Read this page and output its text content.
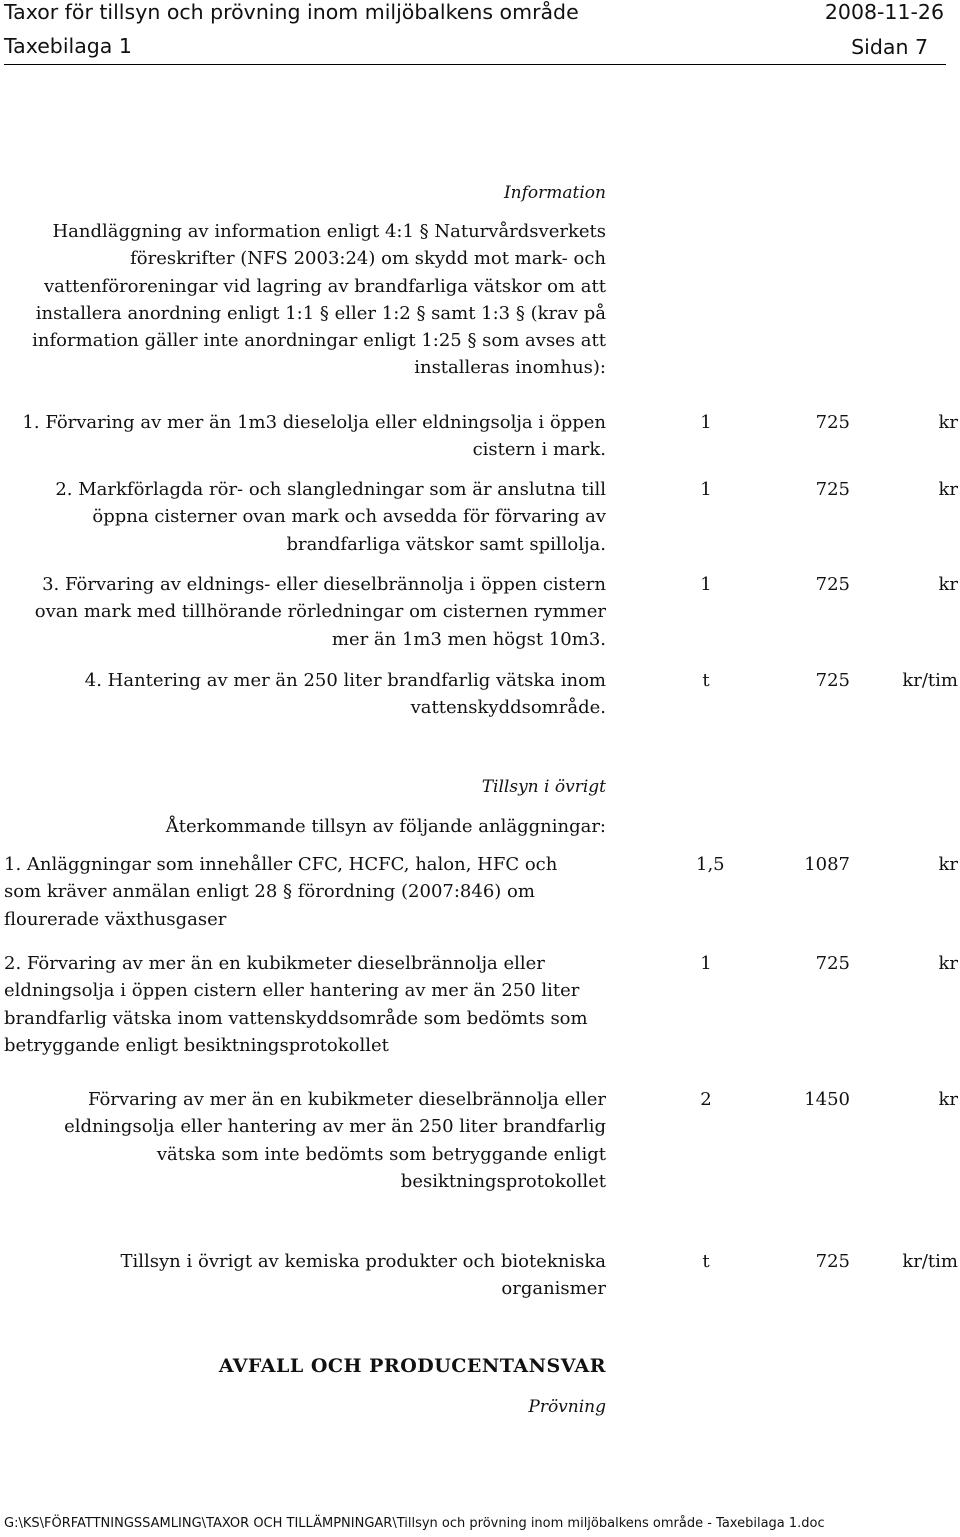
Taxor för tillsyn och prövning inom miljöbalkens område	2008-11-26
Taxebilaga 1	Sidan 7
Information
Handläggning av information enligt 4:1 § Naturvårdsverkets föreskrifter (NFS 2003:24) om skydd mot mark- och vattenföroreningar vid lagring av brandfarliga vätskor om att installera anordning enligt 1:1 § eller 1:2 § samt 1:3 § (krav på information gäller inte anordningar enligt 1:25 § som avses att installeras inomhus):
1. Förvaring av mer än 1m3 dieselolja eller eldningsolja i öppen cistern i mark.
1	725	kr
2. Markförlagda rör- och slangledningar som är anslutna till öppna cisterner ovan mark och avsedda för förvaring av brandfarliga vätskor samt spillolja.
1	725	kr
3. Förvaring av eldnings- eller dieselbrännolja i öppen cistern ovan mark med tillhörande rörledningar om cisternen rymmer mer än 1m3 men högst 10m3.
1	725	kr
4. Hantering av mer än 250 liter brandfarlig vätska inom vattenskyddsområde.
t	725	kr/tim
Tillsyn i övrigt
Återkommande tillsyn av följande anläggningar:
1. Anläggningar som innehåller CFC, HCFC, halon, HFC och som kräver anmälan enligt 28 § förordning (2007:846) om flourerade växthusgaser
1,5	1087	kr
2. Förvaring av mer än en kubikmeter dieselbrännolja eller eldningsolja i öppen cistern eller hantering av mer än 250 liter brandfarlig vätska inom vattenskyddsområde som bedömts som betryggande enligt besiktningsprotokollet
1	725	kr
Förvaring av mer än en kubikmeter dieselbrännolja eller eldningsolja eller hantering av mer än 250 liter brandfarlig vätska som inte bedömts som betryggande enligt besiktningsprotokollet
2	1450	kr
Tillsyn i övrigt av kemiska produkter och biotekniska organismer
t	725	kr/tim
AVFALL OCH PRODUCENTANSVAR
Prövning
G:\KS\FÖRFATTNINGSSAMLING\TAXOR OCH TILLÄMPNINGAR\Tillsyn och prövning inom miljöbalkens område - Taxebilaga 1.doc
